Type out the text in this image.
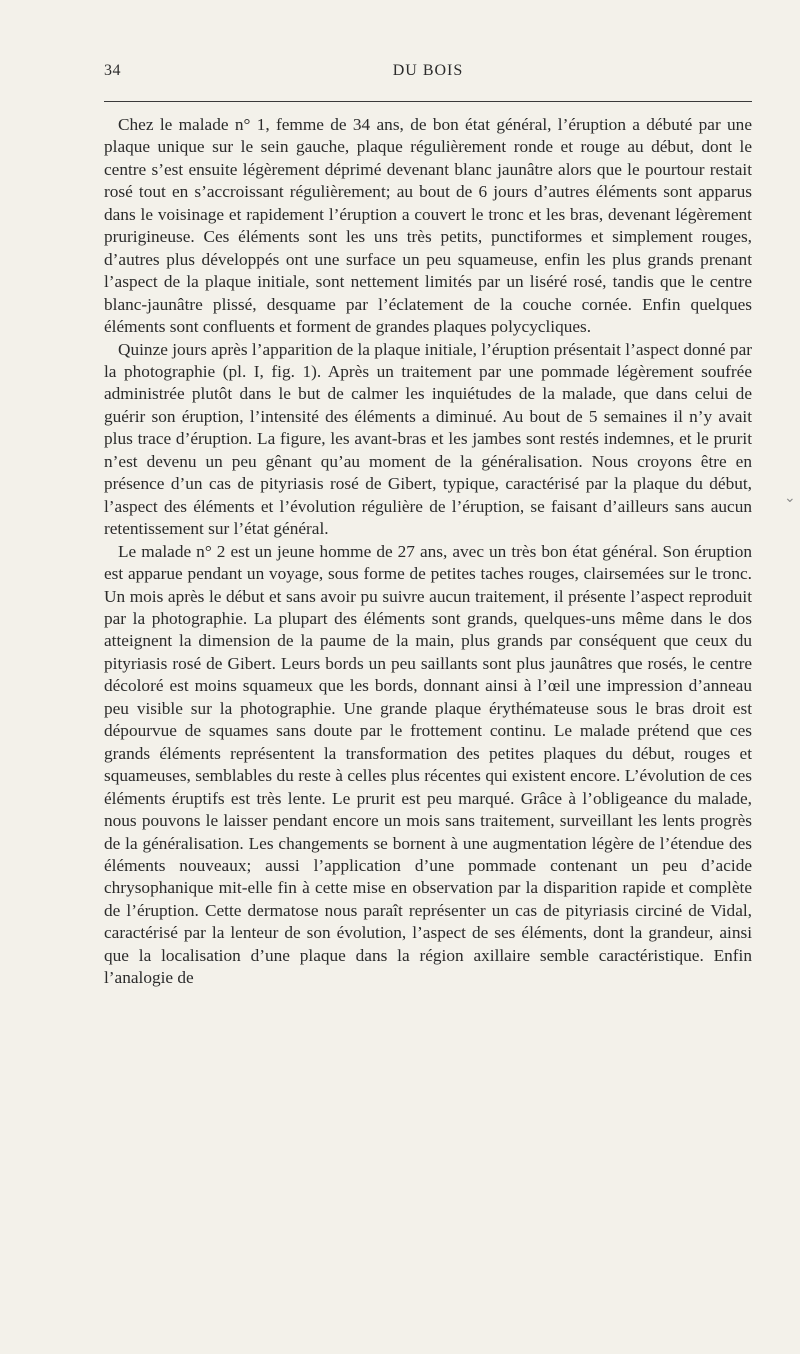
34	DU BOIS

Chez le malade n° 1, femme de 34 ans, de bon état général, l’éruption a débuté par une plaque unique sur le sein gauche, plaque régulièrement ronde et rouge au début, dont le centre s’est ensuite légèrement déprimé devenant blanc jaunâtre alors que le pourtour restait rosé tout en s’accroissant régulièrement; au bout de 6 jours d’autres éléments sont apparus dans le voisinage et rapidement l’éruption a couvert le tronc et les bras, devenant légèrement prurigineuse. Ces éléments sont les uns très petits, punctiformes et simplement rouges, d’autres plus développés ont une surface un peu squameuse, enfin les plus grands prenant l’aspect de la plaque initiale, sont nettement limités par un liséré rosé, tandis que le centre blanc-jaunâtre plissé, desquame par l’éclatement de la couche cornée. Enfin quelques éléments sont confluents et forment de grandes plaques polycycliques.

Quinze jours après l’apparition de la plaque initiale, l’éruption présentait l’aspect donné par la photographie (pl. I, fig. 1). Après un traitement par une pommade légèrement soufrée administrée plutôt dans le but de calmer les inquiétudes de la malade, que dans celui de guérir son éruption, l’intensité des éléments a diminué. Au bout de 5 semaines il n’y avait plus trace d’éruption. La figure, les avant-bras et les jambes sont restés indemnes, et le prurit n’est devenu un peu gênant qu’au moment de la généralisation. Nous croyons être en présence d’un cas de pityriasis rosé de Gibert, typique, caractérisé par la plaque du début, l’aspect des éléments et l’évolution régulière de l’éruption, se faisant d’ailleurs sans aucun retentissement sur l’état général.

Le malade n° 2 est un jeune homme de 27 ans, avec un très bon état général. Son éruption est apparue pendant un voyage, sous forme de petites taches rouges, clairsemées sur le tronc. Un mois après le début et sans avoir pu suivre aucun traitement, il présente l’aspect reproduit par la photographie. La plupart des éléments sont grands, quelques-uns même dans le dos atteignent la dimension de la paume de la main, plus grands par conséquent que ceux du pityriasis rosé de Gibert. Leurs bords un peu saillants sont plus jaunâtres que rosés, le centre décoloré est moins squameux que les bords, donnant ainsi à l’œil une impression d’anneau peu visible sur la photographie. Une grande plaque érythémateuse sous le bras droit est dépourvue de squames sans doute par le frottement continu. Le malade prétend que ces grands éléments représentent la transformation des petites plaques du début, rouges et squameuses, semblables du reste à celles plus récentes qui existent encore. L’évolution de ces éléments éruptifs est très lente. Le prurit est peu marqué. Grâce à l’obligeance du malade, nous pouvons le laisser pendant encore un mois sans traitement, surveillant les lents progrès de la généralisation. Les changements se bornent à une augmentation légère de l’étendue des éléments nouveaux; aussi l’application d’une pommade contenant un peu d’acide chrysophanique mit-elle fin à cette mise en observation par la disparition rapide et complète de l’éruption. Cette dermatose nous paraît représenter un cas de pityriasis circiné de Vidal, caractérisé par la lenteur de son évolution, l’aspect de ses éléments, dont la grandeur, ainsi que la localisation d’une plaque dans la région axillaire semble caractéristique. Enfin l’analogie de

⌄
